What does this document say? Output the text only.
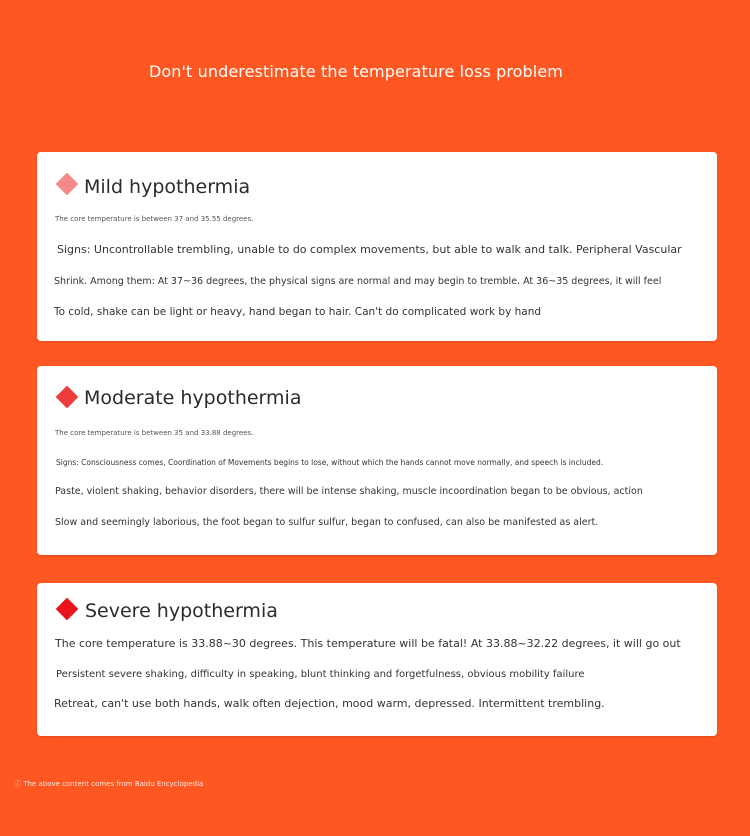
Don't underestimate the temperature loss problem
Mild hypothermia
The core temperature is between 37 and 35.55 degrees.
Signs: Uncontrollable trembling, unable to do complex movements, but able to walk and talk. Peripheral Vascular
Shrink. Among them: At 37~36 degrees, the physical signs are normal and may begin to tremble. At 36~35 degrees, it will feel
To cold, shake can be light or heavy, hand began to hair. Can't do complicated work by hand
Moderate hypothermia
The core temperature is between 35 and 33.88 degrees.
Signs: Consciousness comes, Coordination of Movements begins to lose, without which the hands cannot move normally, and speech is included.
Paste, violent shaking, behavior disorders, there will be intense shaking, muscle incoordination began to be obvious, action
Slow and seemingly laborious, the foot began to sulfur sulfur, began to confused, can also be manifested as alert.
Severe hypothermia
The core temperature is 33.88~30 degrees. This temperature will be fatal! At 33.88~32.22 degrees, it will go out
Persistent severe shaking, difficulty in speaking, blunt thinking and forgetfulness, obvious mobility failure
Retreat, can't use both hands, walk often dejection, mood warm, depressed. Intermittent trembling.
ⓘ The above content comes from Baidu Encyclopedia
